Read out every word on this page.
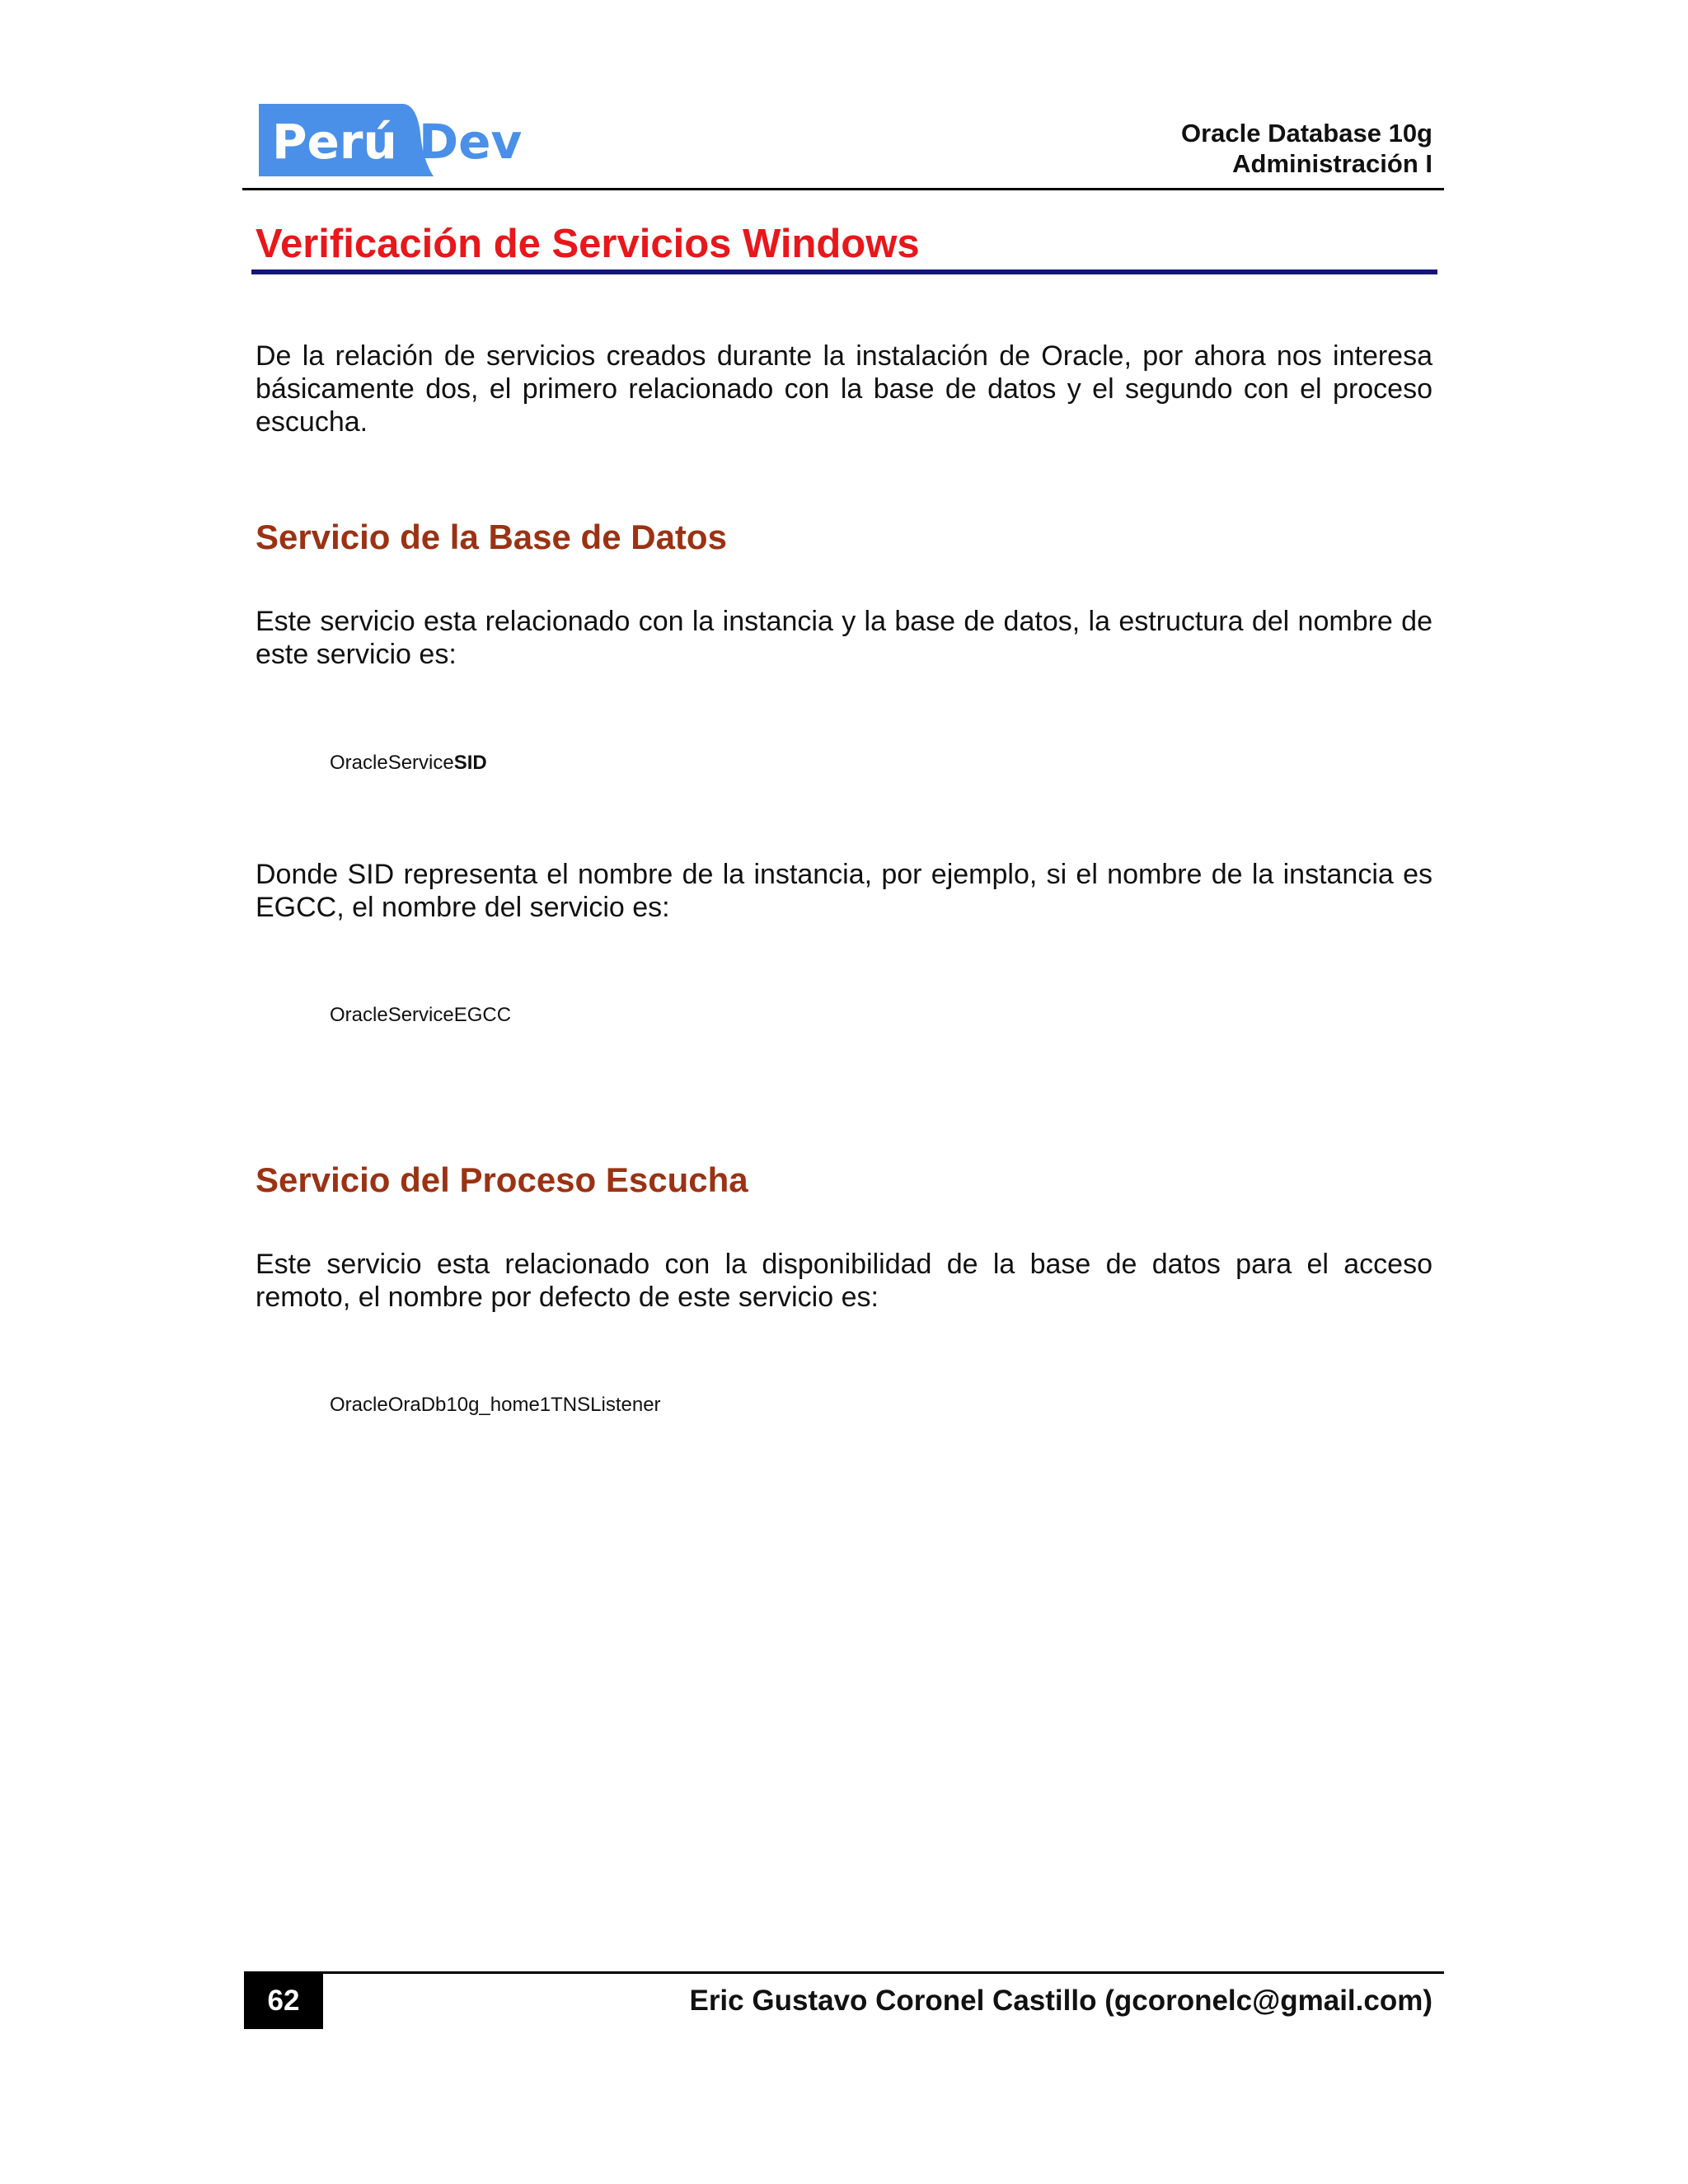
Perú Dev	Oracle Database 10g
Administración I
Verificación de Servicios Windows
De la relación de servicios creados durante la instalación de Oracle, por ahora nos interesa básicamente dos, el primero relacionado con la base de datos y el segundo con el proceso escucha.
Servicio de la Base de Datos
Este servicio esta relacionado con la instancia y la base de datos, la estructura del nombre de este servicio es:
OracleServiceSID
Donde SID representa el nombre de la instancia, por ejemplo, si el nombre de la instancia es EGCC, el nombre del servicio es:
OracleServiceEGCC
Servicio del Proceso Escucha
Este servicio esta relacionado con la disponibilidad de la base de datos para el acceso remoto, el nombre por defecto de este servicio es:
OracleOraDb10g_home1TNSListener
62	Eric Gustavo Coronel Castillo (gcoronelc@gmail.com)
